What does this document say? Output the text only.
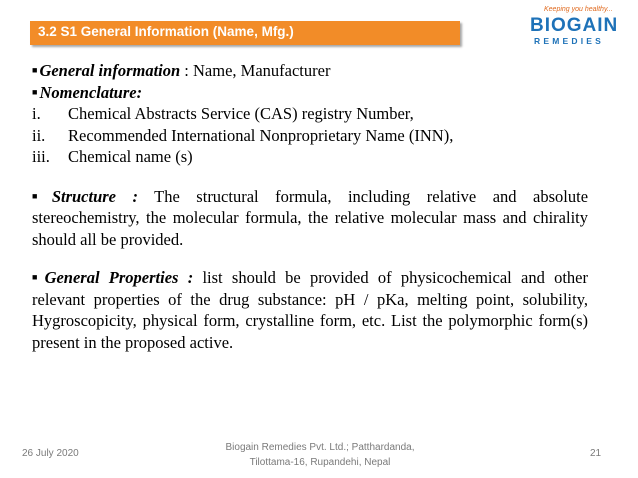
3.2 S1 General Information (Name, Mfg.)
Keeping you healthy...
BIOGAIN
REMEDIES

■ General information : Name, Manufacturer

■ Nomenclature:

i.	Chemical Abstracts Service (CAS) registry Number,
ii.	Recommended International Nonproprietary Name (INN),
iii.	Chemical name (s)

■ Structure : The structural formula, including relative and absolute stereochemistry, the molecular formula, the relative molecular mass and chirality should all be provided.

■ General Properties : list should be provided of physicochemical and other relevant properties of the drug substance: pH / pKa, melting point, solubility, Hygroscopicity, physical form, crystalline form, etc. List the polymorphic form(s) present in the proposed active.

26 July 2020
Biogain Remedies Pvt. Ltd.; Patthardanda,
Tilottama-16, Rupandehi, Nepal
21
